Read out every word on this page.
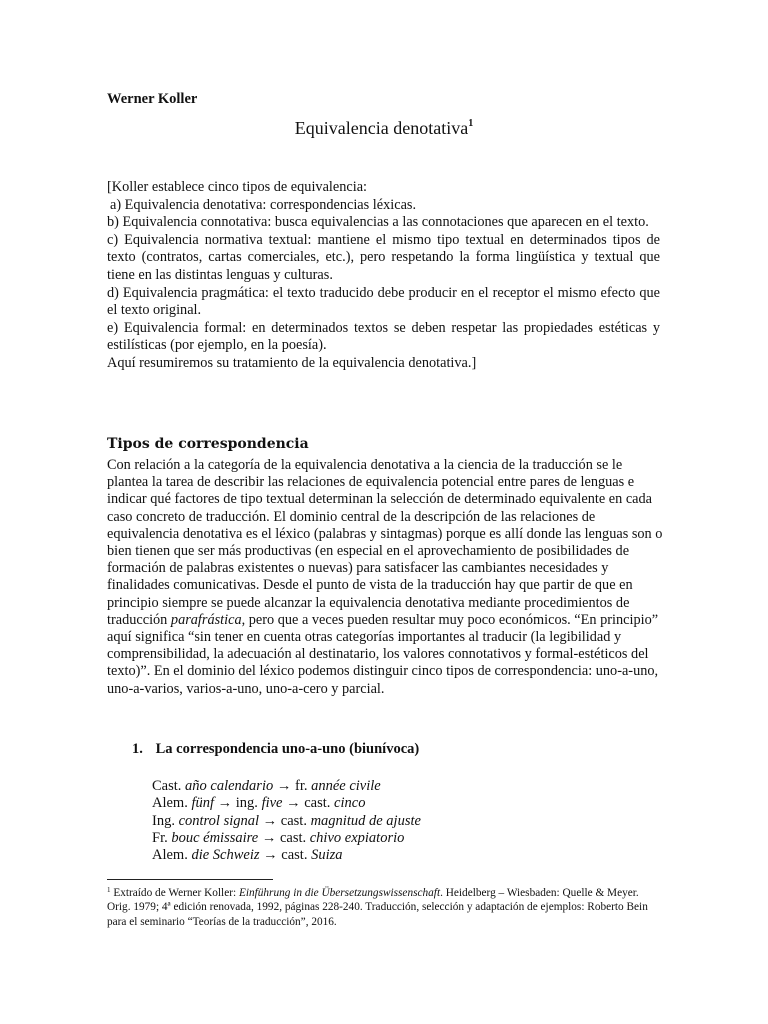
Werner Koller
Equivalencia denotativa$^1$

[Koller establece cinco tipos de equivalencia:

a) Equivalencia denotativa: correspondencias léxicas.

b) Equivalencia connotativa: busca equivalencias a las connotaciones que aparecen en el texto.

c) Equivalencia normativa textual: mantiene el mismo tipo textual en determinados tipos de texto (contratos, cartas comerciales, etc.), pero respetando la forma lingüística y textual que tiene en las distintas lenguas y culturas.

d) Equivalencia pragmática: el texto traducido debe producir en el receptor el mismo efecto que el texto original.

e) Equivalencia formal: en determinados textos se deben respetar las propiedades estéticas y estilísticas (por ejemplo, en la poesía).

Aquí resumiremos su tratamiento de la equivalencia denotativa.]

Tipos de correspondencia

Con relación a la categoría de la equivalencia denotativa a la ciencia de la traducción se le plantea la tarea de describir las relaciones de equivalencia potencial entre pares de lenguas e indicar qué factores de tipo textual determinan la selección de determinado equivalente en cada caso concreto de traducción. El dominio central de la descripción de las relaciones de equivalencia denotativa es el léxico (palabras y sintagmas) porque es allí donde las lenguas son o bien tienen que ser más productivas (en especial en el aprovechamiento de posibilidades de formación de palabras existentes o nuevas) para satisfacer las cambiantes necesidades y finalidades comunicativas. Desde el punto de vista de la traducción hay que partir de que en principio siempre se puede alcanzar la equivalencia denotativa mediante procedimientos de traducción parafrástica, pero que a veces pueden resultar muy poco económicos. “En principio” aquí significa “sin tener en cuenta otras categorías importantes al traducir (la legibilidad y comprensibilidad, la adecuación al destinatario, los valores connotativos y formal-estéticos del texto)”. En el dominio del léxico podemos distinguir cinco tipos de correspondencia: uno-a-uno, uno-a-varios, varios-a-uno, uno-a-cero y parcial.

1. La correspondencia uno-a-uno (biunívoca)
Cast. año calendario → fr. année civile
Alem. fünf → ing. five → cast. cinco
Ing. control signal → cast. magnitud de ajuste
Fr. bouc émissaire → cast. chivo expiatorio
Alem. die Schweiz → cast. Suiza
$^1$ Extraído de Werner Koller: Einführung in die Übersetzungswissenschaft. Heidelberg – Wiesbaden: Quelle & Meyer. Orig. 1979; 4ª edición renovada, 1992, páginas 228-240. Traducción, selección y adaptación de ejemplos: Roberto Bein para el seminario “Teorías de la traducción”, 2016.
